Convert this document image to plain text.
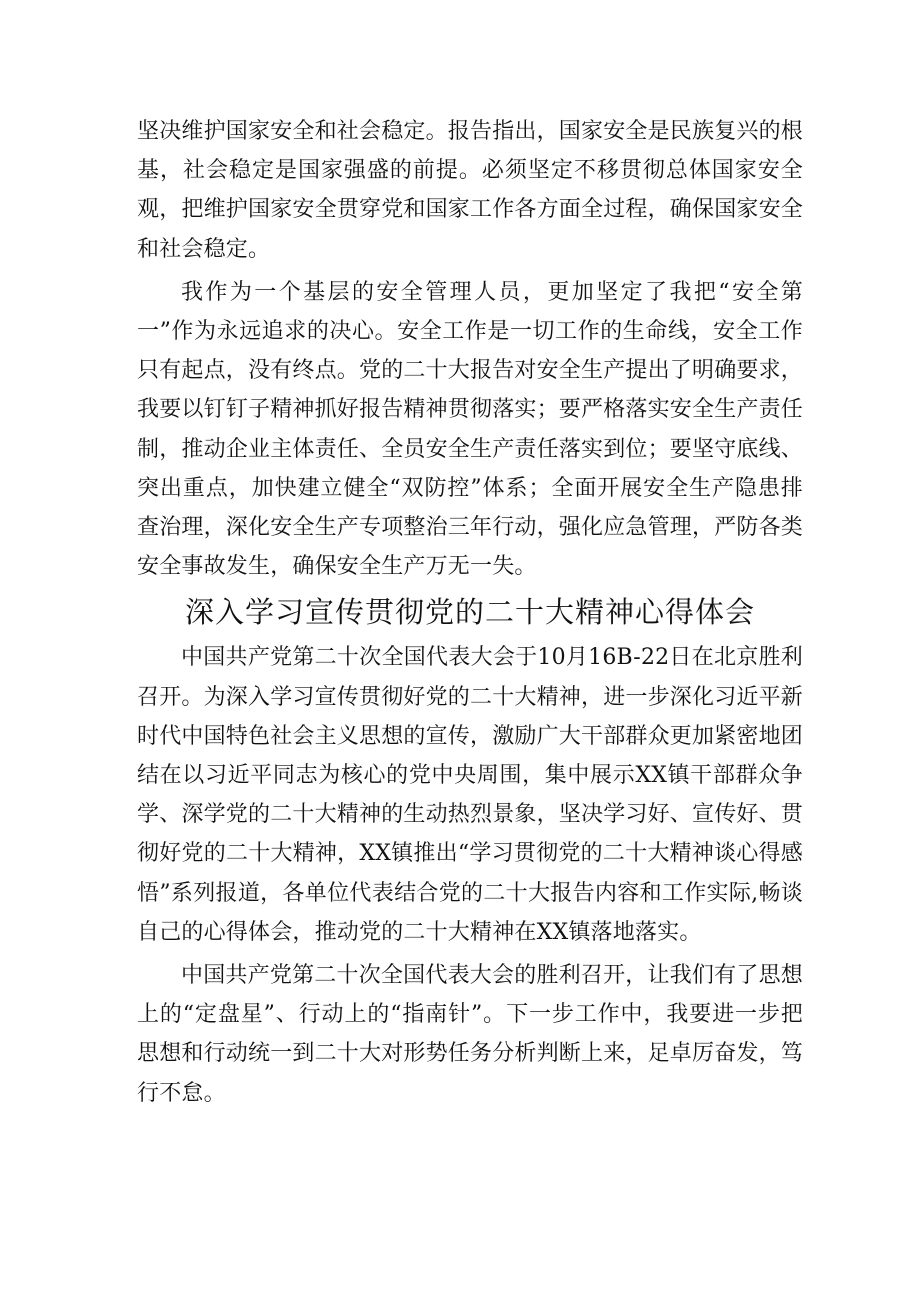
坚决维护国家安全和社会稳定。报告指出，国家安全是民族复兴的根基，社会稳定是国家强盛的前提。必须坚定不移贯彻总体国家安全观，把维护国家安全贯穿党和国家工作各方面全过程，确保国家安全和社会稳定。

我作为一个基层的安全管理人员，更加坚定了我把“安全第一”作为永远追求的决心。安全工作是一切工作的生命线，安全工作只有起点，没有终点。党的二十大报告对安全生产提出了明确要求，我要以钉钉子精神抓好报告精神贯彻落实；要严格落实安全生产责任制，推动企业主体责任、全员安全生产责任落实到位；要坚守底线、突出重点，加快建立健全“双防控”体系；全面开展安全生产隐患排查治理，深化安全生产专项整治三年行动，强化应急管理，严防各类安全事故发生，确保安全生产万无一失。

深入学习宣传贯彻党的二十大精神心得体会

中国共产党第二十次全国代表大会于10月16B-22日在北京胜利召开。为深入学习宣传贯彻好党的二十大精神，进一步深化习近平新时代中国特色社会主义思想的宣传，激励广大干部群众更加紧密地团结在以习近平同志为核心的党中央周围，集中展示XX镇干部群众争学、深学党的二十大精神的生动热烈景象，坚决学习好、宣传好、贯彻好党的二十大精神，XX镇推出“学习贯彻党的二十大精神谈心得感悟”系列报道，各单位代表结合党的二十大报告内容和工作实际,畅谈自己的心得体会，推动党的二十大精神在XX镇落地落实。

中国共产党第二十次全国代表大会的胜利召开，让我们有了思想上的“定盘星”、行动上的“指南针”。下一步工作中，我要进一步把思想和行动统一到二十大对形势任务分析判断上来，足卓厉奋发，笃行不怠。
